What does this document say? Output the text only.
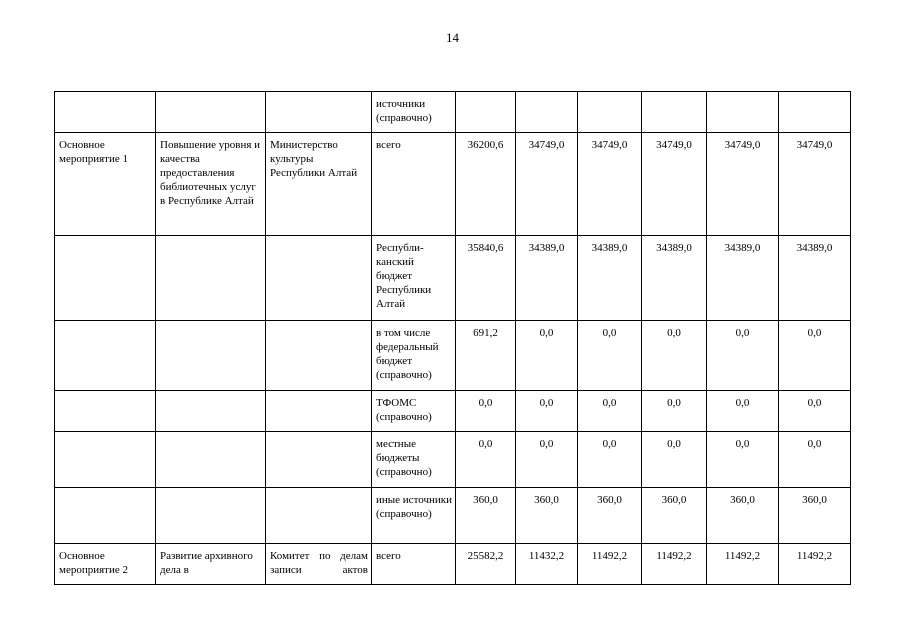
14
			источники (справочно)						
Основное мероприятие 1	Повышение уровня и качества предоставления библиотечных услуг в Республике Алтай	Министерство культуры Республики Алтай	всего	36200,6	34749,0	34749,0	34749,0	34749,0	34749,0
			Республи-канский бюджет Республики Алтай	35840,6	34389,0	34389,0	34389,0	34389,0	34389,0
			в том числе федеральный бюджет (справочно)	691,2	0,0	0,0	0,0	0,0	0,0
			ТФОМС (справочно)	0,0	0,0	0,0	0,0	0,0	0,0
			местные бюджеты (справочно)	0,0	0,0	0,0	0,0	0,0	0,0
			иные источники (справочно)	360,0	360,0	360,0	360,0	360,0	360,0
Основное мероприятие 2	Развитие архивного дела в	Комитет по делам записи актов	всего	25582,2	11432,2	11492,2	11492,2	11492,2	11492,2
